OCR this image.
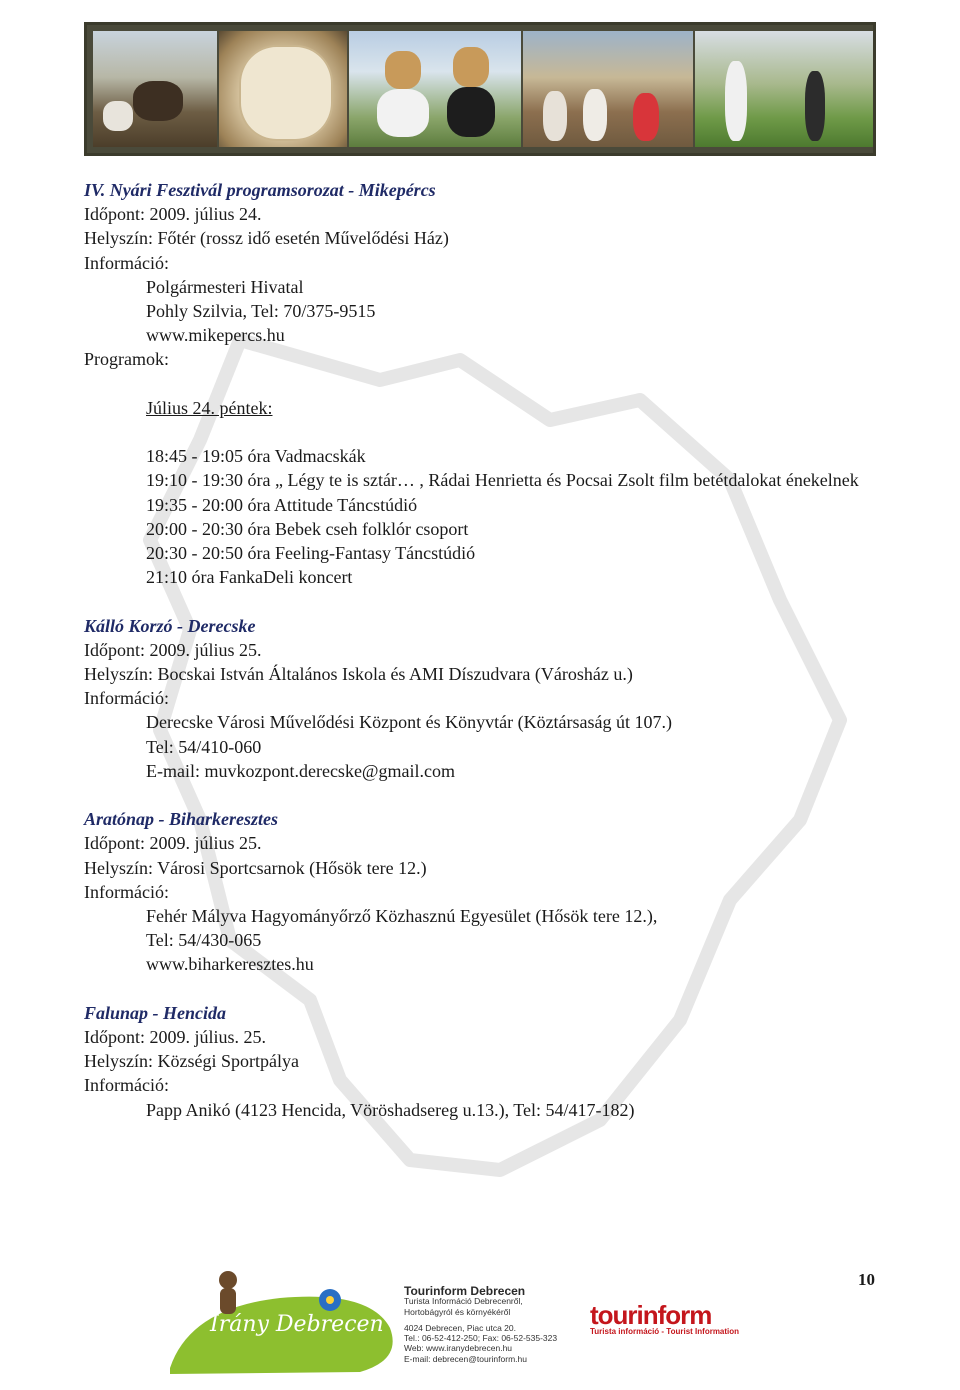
IV. Nyári Fesztivál programsorozat - Mikepércs
Időpont: 2009. július 24.
Helyszín: Főtér (rossz idő esetén Művelődési Ház)
Információ:
Polgármesteri Hivatal
Pohly Szilvia, Tel: 70/375-9515
www.mikepercs.hu
Programok:
Július 24. péntek:
18:45 - 19:05 óra Vadmacskák
19:10 - 19:30 óra „ Légy te is sztár… , Rádai Henrietta és Pocsai Zsolt film betétdalokat énekelnek
19:35 - 20:00 óra Attitude Táncstúdió
20:00 - 20:30 óra Bebek cseh folklór csoport
20:30 - 20:50 óra Feeling-Fantasy Táncstúdió
21:10 óra FankaDeli koncert
Kálló Korzó - Derecske
Időpont: 2009. július 25.
Helyszín: Bocskai István Általános Iskola és AMI Díszudvara (Városház u.)
Információ:
Derecske Városi Művelődési Központ és Könyvtár (Köztársaság út 107.)
Tel: 54/410-060
E-mail: muvkozpont.derecske@gmail.com
Aratónap - Biharkeresztes
Időpont: 2009. július 25.
Helyszín: Városi Sportcsarnok (Hősök tere 12.)
Információ:
Fehér Mályva Hagyományőrző Közhasznú Egyesület (Hősök tere 12.),
Tel: 54/430-065
www.biharkeresztes.hu
Falunap - Hencida
Időpont: 2009. július. 25.
Helyszín: Községi Sportpálya
Információ:
Papp Anikó (4123 Hencida, Vöröshadsereg u.13.), Tel: 54/417-182)
Irány Debrecen
Tourinform Debrecen
Turista Információ Debrecenről,
Hortobágyról és környékéről
4024 Debrecen, Piac utca 20.
Tel.: 06-52-412-250; Fax: 06-52-535-323
Web: www.iranydebrecen.hu
E-mail: debrecen@tourinform.hu
tourinform
Turista információ - Tourist Information
10
